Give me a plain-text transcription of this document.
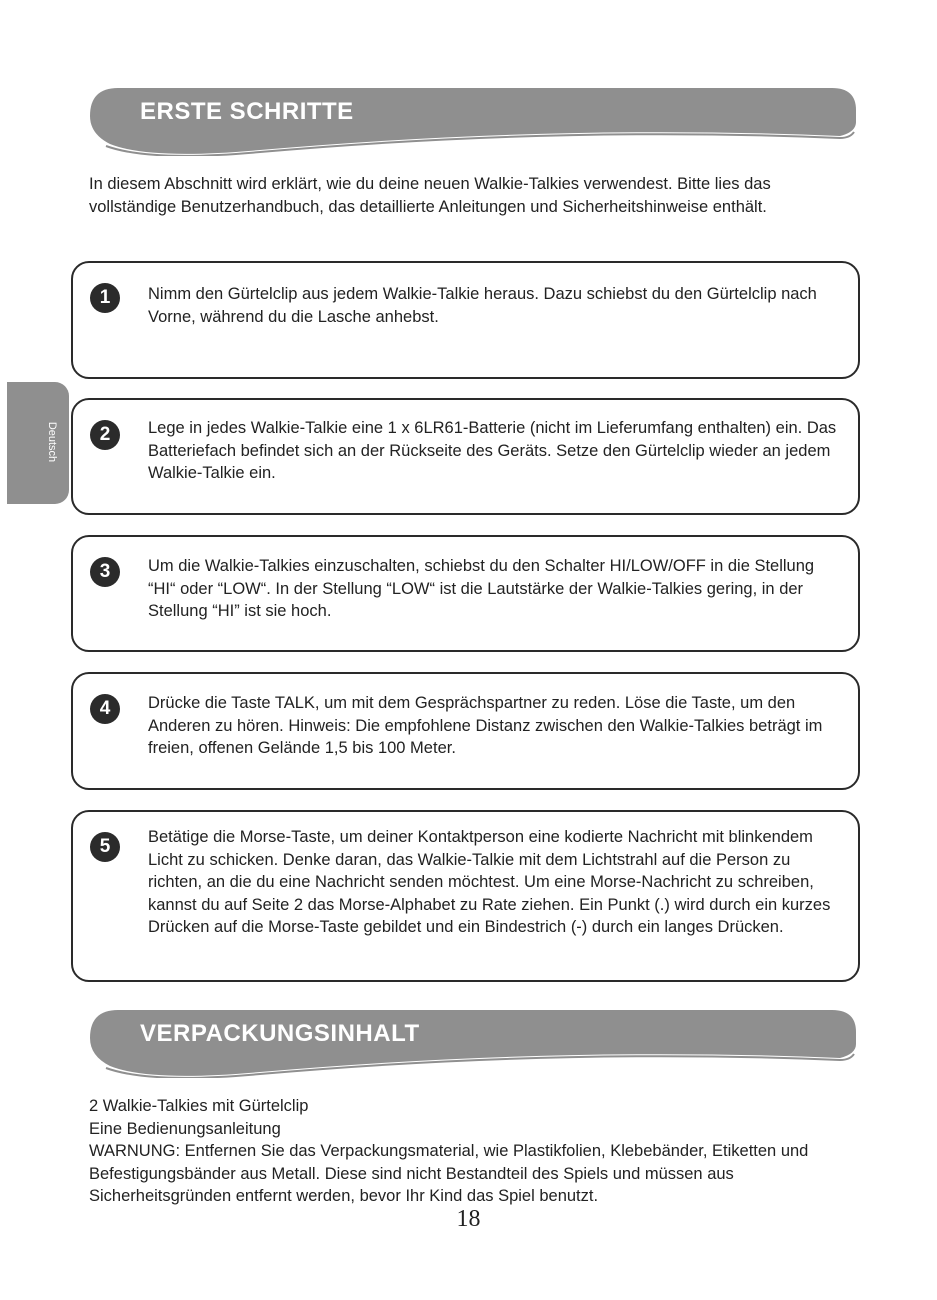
ERSTE SCHRITTE

In diesem Abschnitt wird erklärt, wie du deine neuen Walkie-Talkies verwendest. Bitte lies das vollständige Benutzerhandbuch, das detaillierte Anleitungen und Sicherheitshinweise enthält.

Deutsch
1	Nimm den Gürtelclip aus jedem Walkie-Talkie heraus. Dazu schiebst du den Gürtelclip nach Vorne, während du die Lasche anhebst.

2	Lege in jedes Walkie-Talkie eine 1 x 6LR61-Batterie (nicht im Lieferumfang enthalten) ein. Das Batteriefach befindet sich an der Rückseite des Geräts. Setze den Gürtelclip wieder an jedem Walkie-Talkie ein.

3	Um die Walkie-Talkies einzuschalten, schiebst du den Schalter HI/LOW/OFF in die Stellung “HI“ oder “LOW“. In der Stellung “LOW“ ist die Lautstärke der Walkie-Talkies gering, in der Stellung “HI” ist sie hoch.

4	Drücke die Taste TALK, um mit dem Gesprächspartner zu reden. Löse die Taste, um den Anderen zu hören. Hinweis: Die empfohlene Distanz zwischen den Walkie-Talkies beträgt im freien, offenen Gelände 1,5 bis 100 Meter.

5	Betätige die Morse-Taste, um deiner Kontaktperson eine kodierte Nachricht mit blinkendem Licht zu schicken. Denke daran, das Walkie-Talkie mit dem Lichtstrahl auf die Person zu richten, an die du eine Nachricht senden möchtest. Um eine Morse-Nachricht zu schreiben, kannst du auf Seite 2 das Morse-Alphabet zu Rate ziehen. Ein Punkt (.) wird durch ein kurzes Drücken auf die Morse-Taste gebildet und ein Bindestrich (-) durch ein langes Drücken.

VERPACKUNGSINHALT
2 Walkie-Talkies mit Gürtelclip
Eine Bedienungsanleitung
WARNUNG: Entfernen Sie das Verpackungsmaterial, wie Plastikfolien, Klebebänder, Etiketten und Befestigungsbänder aus Metall. Diese sind nicht Bestandteil des Spiels und müssen aus Sicherheitsgründen entfernt werden, bevor Ihr Kind das Spiel benutzt.
18
